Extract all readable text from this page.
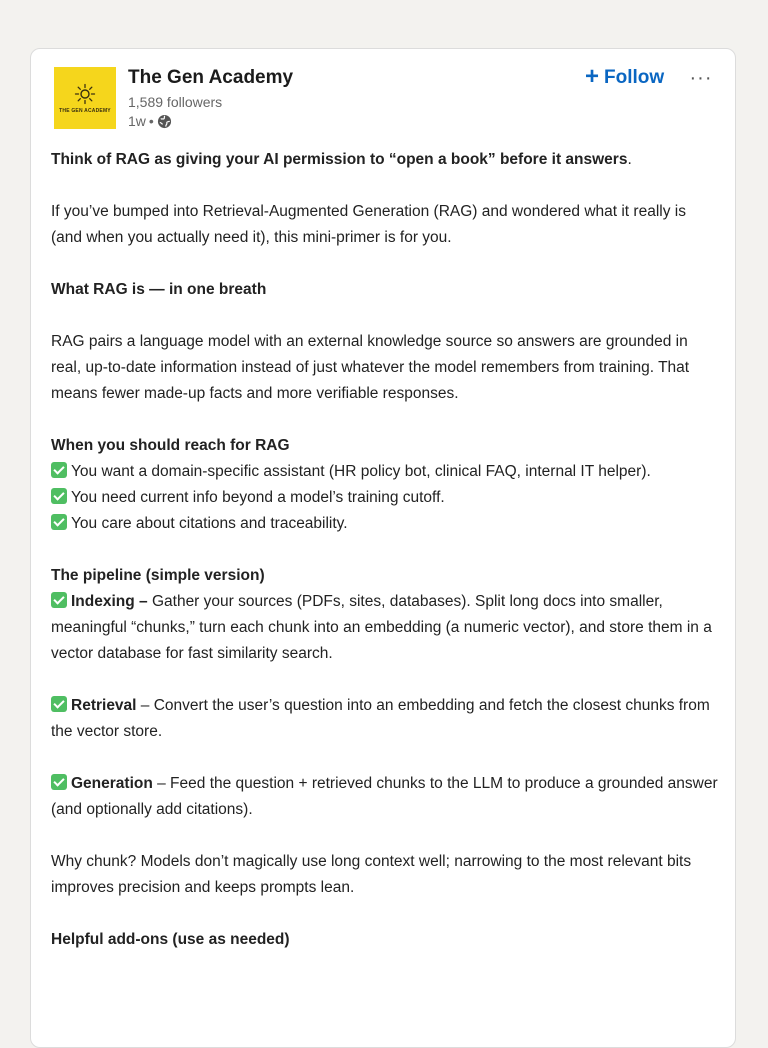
THE GEN ACADEMY
The Gen Academy
1,589 followers
1w •
+ Follow ···

Think of RAG as giving your AI permission to “open a book” before it answers.

If you’ve bumped into Retrieval-Augmented Generation (RAG) and wondered what it really is (and when you actually need it), this mini-primer is for you.

What RAG is — in one breath

RAG pairs a language model with an external knowledge source so answers are grounded in real, up-to-date information instead of just whatever the model remembers from training. That means fewer made-up facts and more verifiable responses.

When you should reach for RAG

You want a domain-specific assistant (HR policy bot, clinical FAQ, internal IT helper).

You need current info beyond a model’s training cutoff.

You care about citations and traceability.

The pipeline (simple version)

Indexing – Gather your sources (PDFs, sites, databases). Split long docs into smaller, meaningful “chunks,” turn each chunk into an embedding (a numeric vector), and store them in a vector database for fast similarity search.

Retrieval – Convert the user’s question into an embedding and fetch the closest chunks from the vector store.

Generation – Feed the question + retrieved chunks to the LLM to produce a grounded answer (and optionally add citations).

Why chunk? Models don’t magically use long context well; narrowing to the most relevant bits improves precision and keeps prompts lean.

Helpful add-ons (use as needed)
